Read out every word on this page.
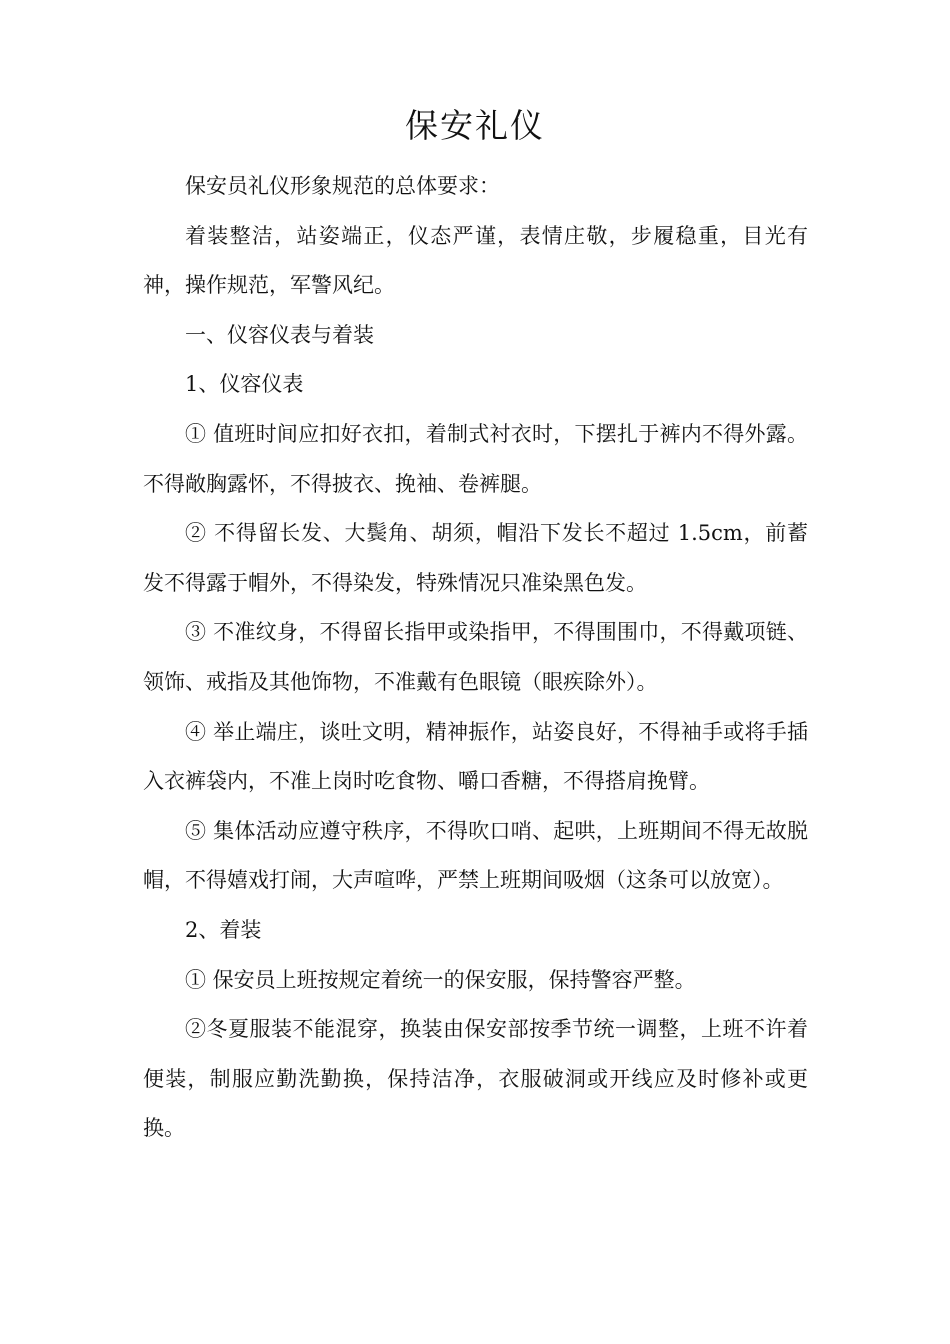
保安礼仪

保安员礼仪形象规范的总体要求：

着装整洁，站姿端正，仪态严谨，表情庄敬，步履稳重，目光有神，操作规范，军警风纪。

一、仪容仪表与着装

1、仪容仪表

① 值班时间应扣好衣扣，着制式衬衣时，下摆扎于裤内不得外露。不得敞胸露怀，不得披衣、挽袖、卷裤腿。

② 不得留长发、大鬓角、胡须，帽沿下发长不超过 1.5cm，前蓄发不得露于帽外，不得染发，特殊情况只准染黑色发。

③ 不准纹身，不得留长指甲或染指甲，不得围围巾，不得戴项链、领饰、戒指及其他饰物，不准戴有色眼镜（眼疾除外）。

④ 举止端庄，谈吐文明，精神振作，站姿良好，不得袖手或将手插入衣裤袋内，不准上岗时吃食物、嚼口香糖，不得搭肩挽臂。

⑤ 集体活动应遵守秩序，不得吹口哨、起哄，上班期间不得无故脱帽，不得嬉戏打闹，大声喧哗，严禁上班期间吸烟（这条可以放宽）。

2、着装

① 保安员上班按规定着统一的保安服，保持警容严整。

②冬夏服装不能混穿，换装由保安部按季节统一调整，上班不许着便装，制服应勤洗勤换，保持洁净，衣服破洞或开线应及时修补或更换。
